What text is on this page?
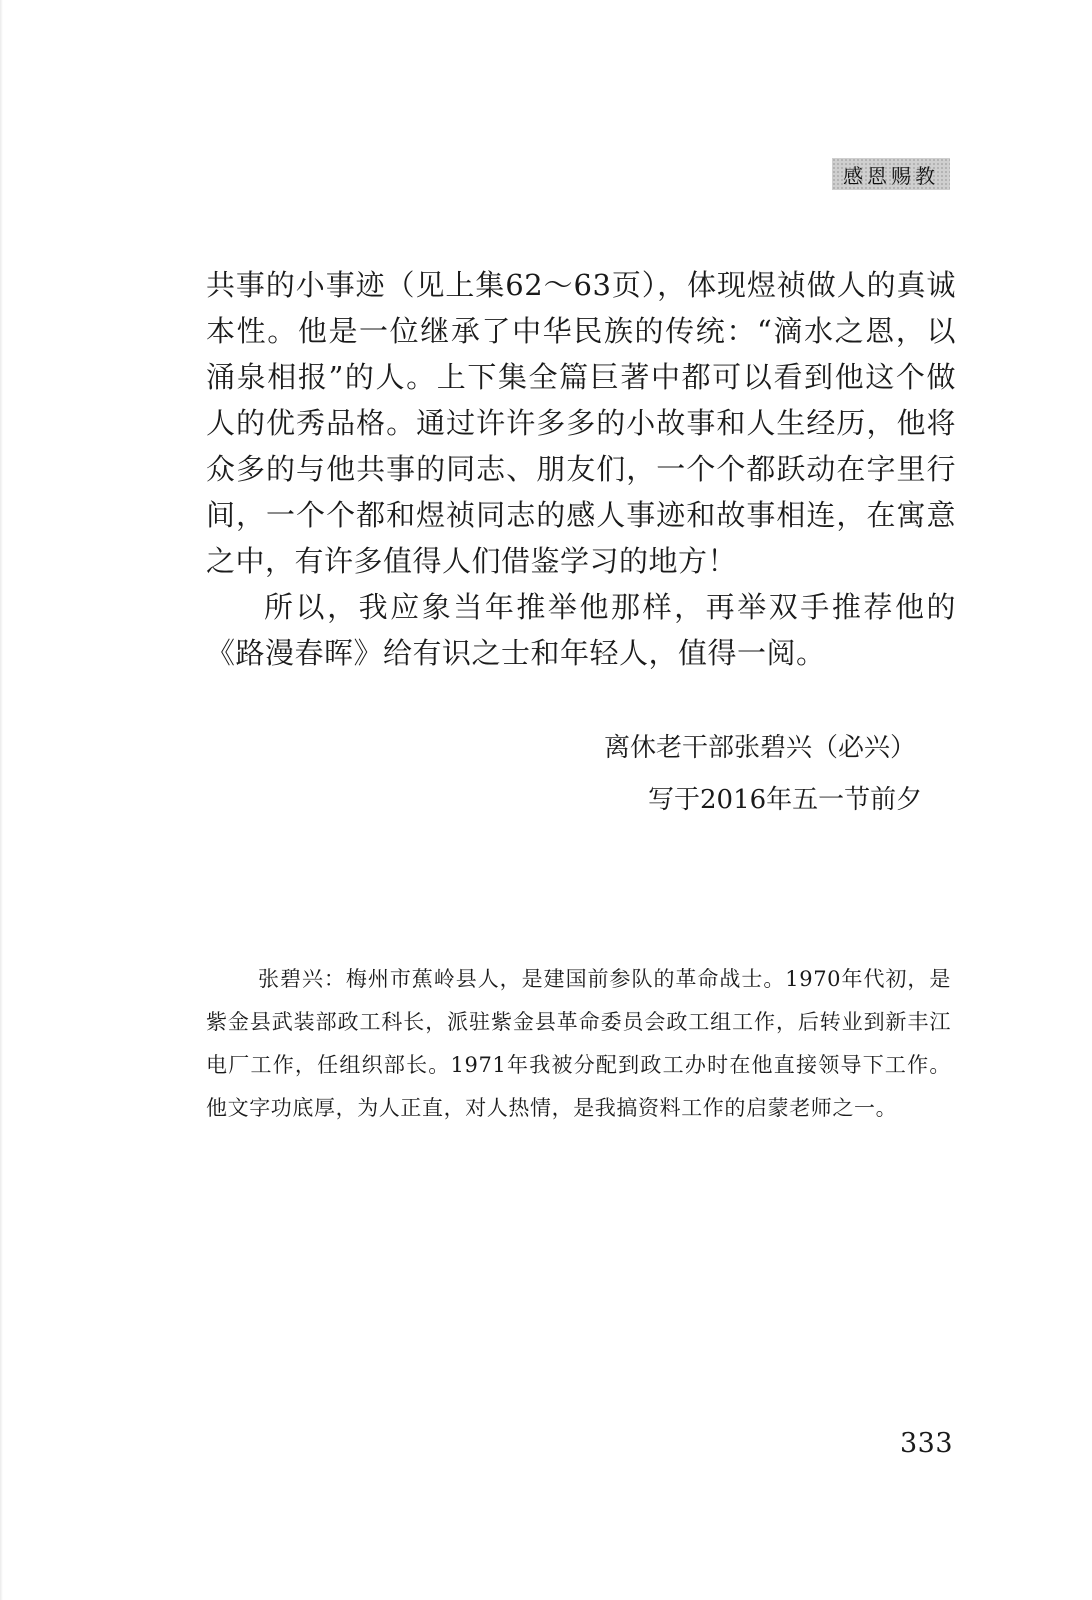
感恩赐教

共事的小事迹（见上集62～63页），体现煜祯做人的真诚本性。他是一位继承了中华民族的传统：“滴水之恩，以涌泉相报”的人。上下集全篇巨著中都可以看到他这个做人的优秀品格。通过许许多多的小故事和人生经历，他将众多的与他共事的同志、朋友们，一个个都跃动在字里行间，一个个都和煜祯同志的感人事迹和故事相连，在寓意之中，有许多值得人们借鉴学习的地方！

所以，我应象当年推举他那样，再举双手推荐他的《路漫春晖》给有识之士和年轻人，值得一阅。

离休老干部张碧兴（必兴）
写于2016年五一节前夕
张碧兴：梅州市蕉岭县人，是建国前参队的革命战士。1970年代初，是紫金县武装部政工科长，派驻紫金县革命委员会政工组工作，后转业到新丰江电厂工作，任组织部长。1971年我被分配到政工办时在他直接领导下工作。他文字功底厚，为人正直，对人热情，是我搞资料工作的启蒙老师之一。
333
